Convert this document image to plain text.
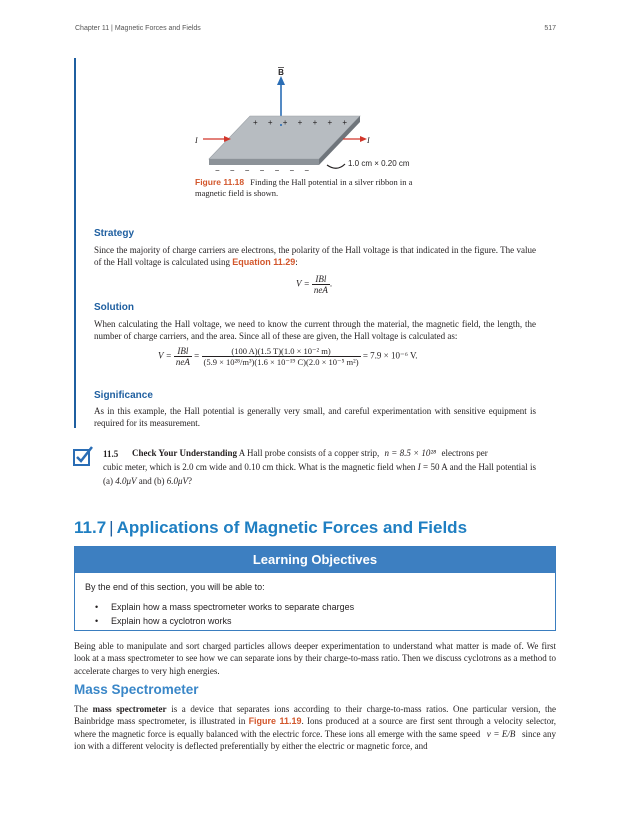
Chapter 11 | Magnetic Forces and Fields	517
B
+ + + + + + +
− − − − − − −
I	I
1.0 cm × 0.20 cm
Figure 11.18 Finding the Hall potential in a silver ribbon in a magnetic field is shown.
Strategy
Since the majority of charge carriers are electrons, the polarity of the Hall voltage is that indicated in the figure. The value of the Hall voltage is calculated using Equation 11.29:
$V = \frac{\text{IBl}}{\text{neA}}$ .
Solution
When calculating the Hall voltage, we need to know the current through the material, the magnetic field, the length, the number of charge carriers, and the area. Since all of these are given, the Hall voltage is calculated as:
$V = \frac{\text{IBl}}{\text{neA}} = \frac{\text{(100 A)(1.5 T)(1.0 × 10⁻² m)}}{\text{(5.9 × 10²⁸/m³)(1.6 × 10⁻¹⁹ C)(2.0 × 10⁻⁵ m²)}} = 7.9 \times 10^{-6}$ V.
Significance
As in this example, the Hall potential is generally very small, and careful experimentation with sensitive equipment is required for its measurement.
11.5 Check Your Understanding A Hall probe consists of a copper strip, n = 8.5 × 10²⁸ electrons per
cubic meter, which is 2.0 cm wide and 0.10 cm thick. What is the magnetic field when I = 50 A and the Hall potential is (a) 4.0μV and (b) 6.0μV?
11.7 | Applications of Magnetic Forces and Fields
Learning Objectives
By the end of this section, you will be able to:
• Explain how a mass spectrometer works to separate charges
• Explain how a cyclotron works
Being able to manipulate and sort charged particles allows deeper experimentation to understand what matter is made of. We first look at a mass spectrometer to see how we can separate ions by their charge-to-mass ratio. Then we discuss cyclotrons as a method to accelerate charges to very high energies.
Mass Spectrometer
The mass spectrometer is a device that separates ions according to their charge-to-mass ratios. One particular version, the Bainbridge mass spectrometer, is illustrated in Figure 11.19. Ions produced at a source are first sent through a velocity selector, where the magnetic force is equally balanced with the electric force. These ions all emerge with the same speed v = E/B since any ion with a different velocity is deflected preferentially by either the electric or magnetic force, and
